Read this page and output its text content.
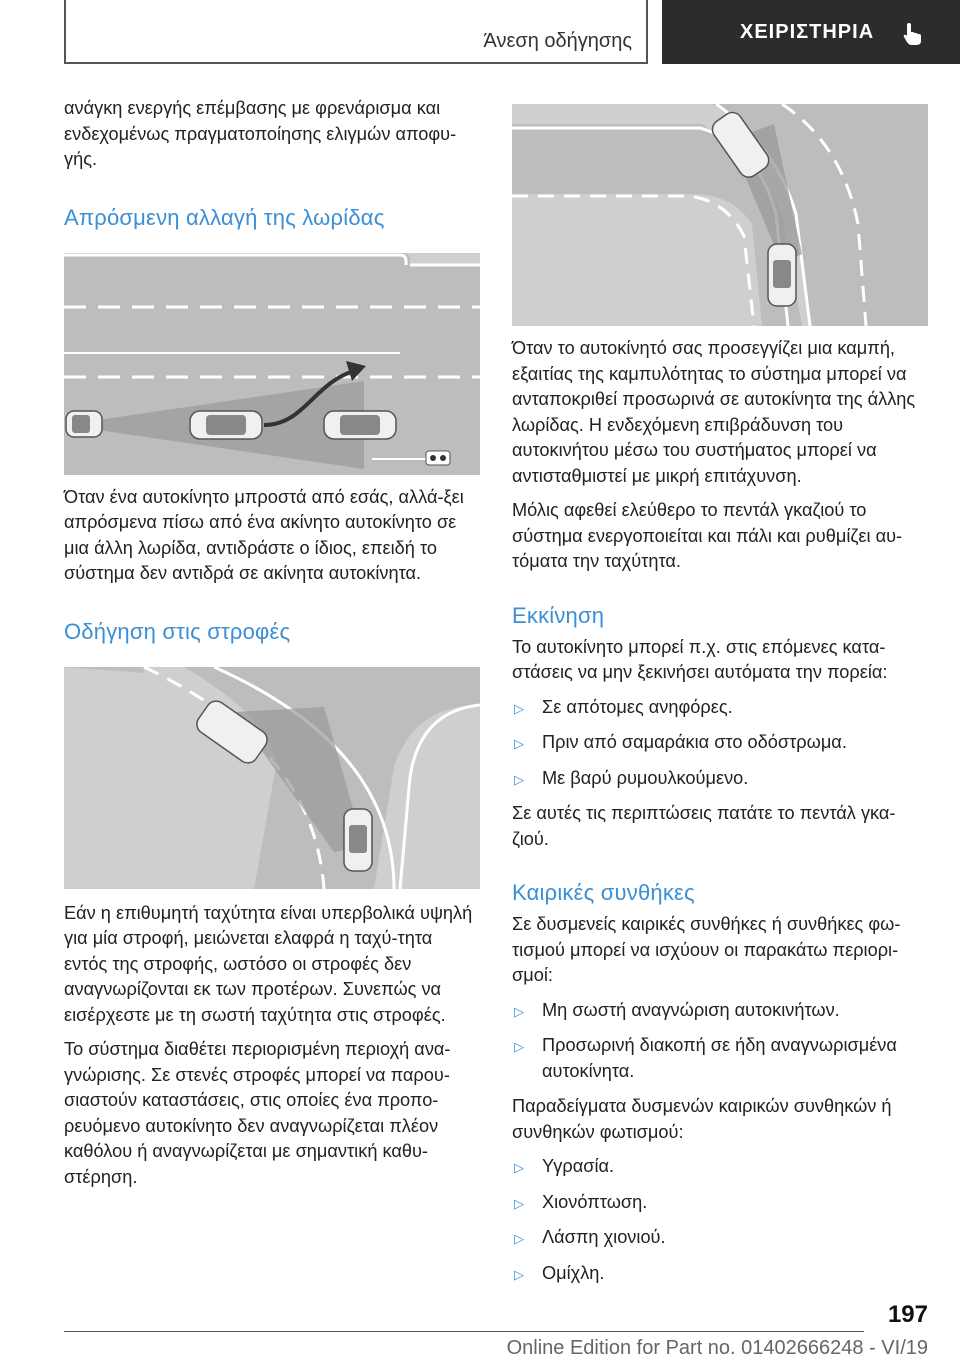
Άνεση οδήγησης	ΧΕΙΡΙΣΤΗΡΙΑ

ανάγκη ενεργής επέμβασης με φρενάρισμα και ενδεχομένως πραγματοποίησης ελιγμών αποφυ-γής.

Απρόσμενη αλλαγή της λωρίδας

Όταν ένα αυτοκίνητο μπροστά από εσάς, αλλά-ξει απρόσμενα πίσω από ένα ακίνητο αυτοκίνητο σε μια άλλη λωρίδα, αντιδράστε ο ίδιος, επειδή το σύστημα δεν αντιδρά σε ακίνητα αυτοκίνητα.

Οδήγηση στις στροφές

Εάν η επιθυμητή ταχύτητα είναι υπερβολικά υψηλή για μία στροφή, μειώνεται ελαφρά η ταχύ-τητα εντός της στροφής, ωστόσο οι στροφές δεν αναγνωρίζονται εκ των προτέρων. Συνεπώς να εισέρχεστε με τη σωστή ταχύτητα στις στροφές.

Το σύστημα διαθέτει περιορισμένη περιοχή ανα-γνώρισης. Σε στενές στροφές μπορεί να παρου-σιαστούν καταστάσεις, στις οποίες ένα προπο-ρευόμενο αυτοκίνητο δεν αναγνωρίζεται πλέον καθόλου ή αναγνωρίζεται με σημαντική καθυ-στέρηση.

Όταν το αυτοκίνητό σας προσεγγίζει μια καμπή, εξαιτίας της καμπυλότητας το σύστημα μπορεί να ανταποκριθεί προσωρινά σε αυτοκίνητα της άλλης λωρίδας. Η ενδεχόμενη επιβράδυνση του αυτοκινήτου μέσω του συστήματος μπορεί να αντισταθμιστεί με μικρή επιτάχυνση.

Μόλις αφεθεί ελεύθερο το πεντάλ γκαζιού το σύστημα ενεργοποιείται και πάλι και ρυθμίζει αυ-τόματα την ταχύτητα.

Εκκίνηση

Το αυτοκίνητο μπορεί π.χ. στις επόμενες κατα-στάσεις να μην ξεκινήσει αυτόματα την πορεία:

▷ Σε απότομες ανηφόρες.
▷ Πριν από σαμαράκια στο οδόστρωμα.
▷ Με βαρύ ρυμουλκούμενο.

Σε αυτές τις περιπτώσεις πατάτε το πεντάλ γκα-ζιού.

Καιρικές συνθήκες

Σε δυσμενείς καιρικές συνθήκες ή συνθήκες φω-τισμού μπορεί να ισχύουν οι παρακάτω περιορι-σμοί:

▷ Μη σωστή αναγνώριση αυτοκινήτων.
▷ Προσωρινή διακοπή σε ήδη αναγνωρισμένα αυτοκίνητα.

Παραδείγματα δυσμενών καιρικών συνθηκών ή συνθηκών φωτισμού:

▷ Υγρασία.
▷ Χιονόπτωση.
▷ Λάσπη χιονιού.
▷ Ομίχλη.
197
Online Edition for Part no. 01402666248 - VI/19
